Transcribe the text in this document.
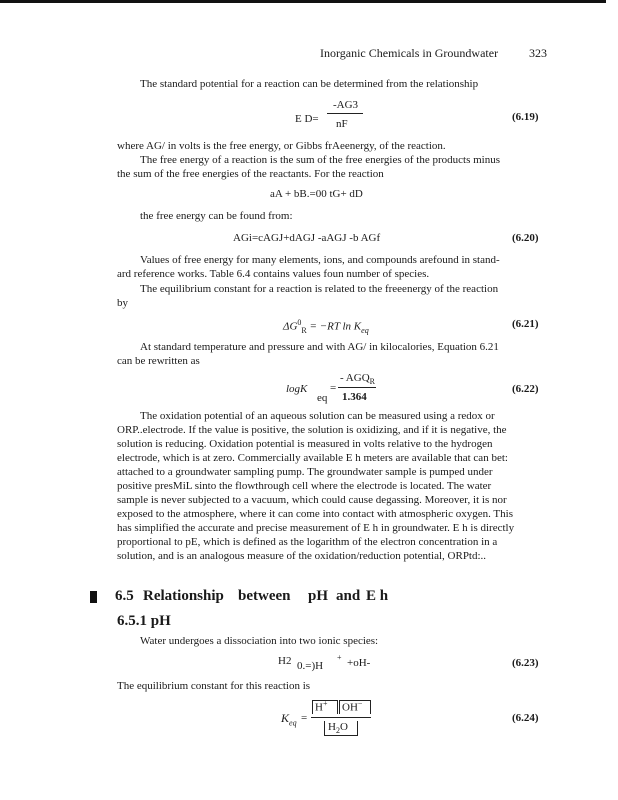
Inorganic Chemicals in Groundwater	323
The standard potential for a reaction can be determined from the relationship
E D=
-AG3
nF
(6.19)
where AG/ in volts is the free energy, or Gibbs frAeenergy, of the reaction.
The free energy of a reaction is the sum of the free energies of the products minus
the sum of the free energies of the reactants. For the reaction
aA + bB.=00 tG+ dD
the free energy can be found from:
AGi=cAGJ+dAGJ -aAGJ -b AGf	(6.20)
Values of free energy for many elements, ions, and compounds arefound in stand-
ard reference works. Table 6.4 contains values foun number of species.
The equilibrium constant for a reaction is related to the freeenergy of the reaction
by
$\Delta G^0_R = -RT$ $\ln K_{eq}$
(6.21)
At standard temperature and pressure and with AG/ in kilocalories, Equation 6.21
can be rewritten as
logK
eq
=
- $AGQ_R$
1.364
(6.22)
The oxidation potential of an aqueous solution can be measured using a redox or
ORP..electrode. If the value is positive, the solution is oxidizing, and if it is negative, the
solution is reducing. Oxidation potential is measured in volts relative to the hydrogen
electrode, which is at zero. Commercially available E h meters are available that can bet:
attached to a groundwater sampling pump. The groundwater sample is pumped under
positive presMiL sinto the flowthrough cell where the electrode is located. The water
sample is never subjected to a vacuum, which could cause degassing. Moreover, it is nor
exposed to the atmosphere, where it can come into contact with atmospheric oxygen. This
has simplified the accurate and precise measurement of E h in groundwater. E h is directly
proportional to pE, which is defined as the logarithm of the electron concentration in a
solution, and is an analogous measure of the oxidation/reduction potential, ORPtd:..
6.5 Relationship between pH and E h
6.5.1 pH
Water undergoes a dissociation into two ionic species:
H2 0.=)H
+ +oH-	(6.23)
The equilibrium constant for this reaction is
$K_{eq}$ =
H+ OH−
$H_2O$
(6.24)
